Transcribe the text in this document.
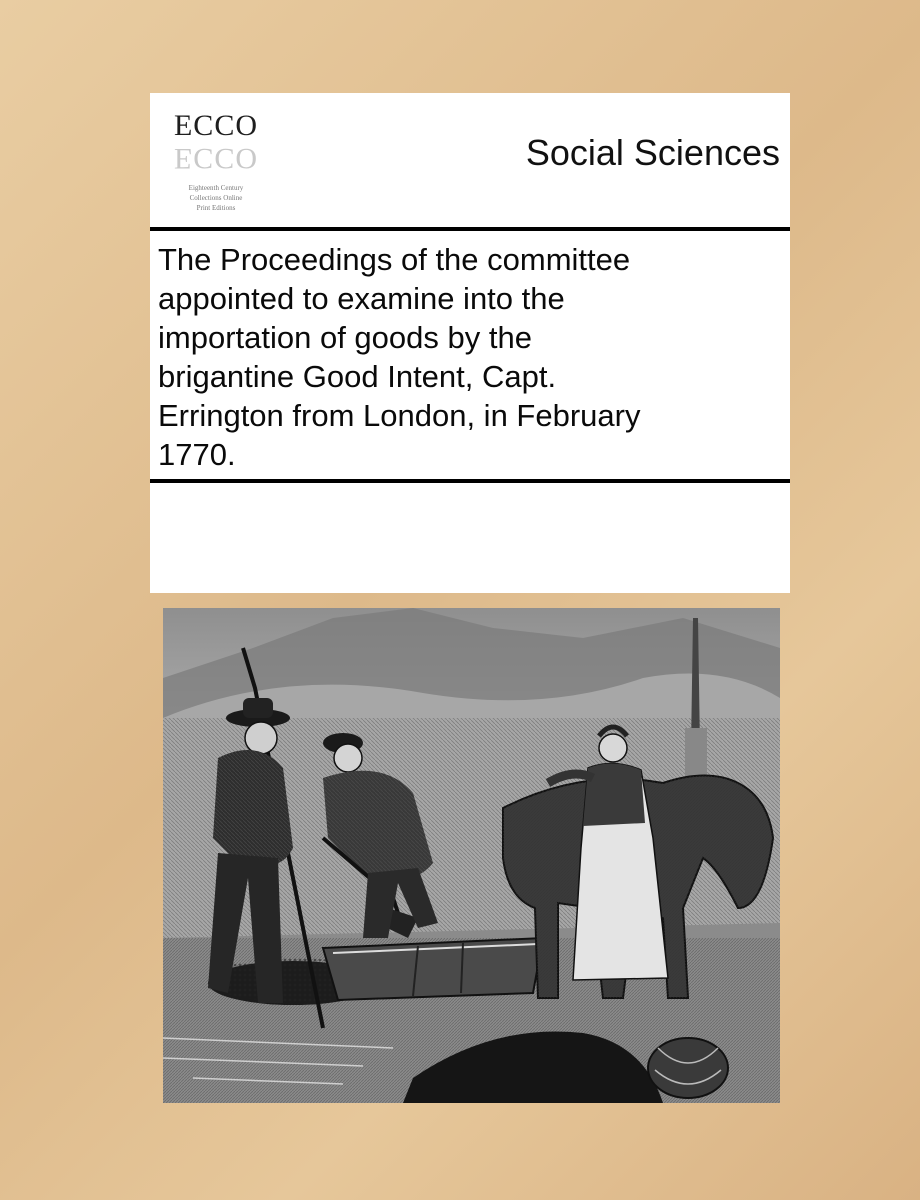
ECCO
ECCO
Eighteenth Century
Collections Online
Print Editions
Social Sciences
The Proceedings of the committee
appointed to examine into the
importation of goods by the
brigantine Good Intent, Capt.
Errington from London, in February
1770.
